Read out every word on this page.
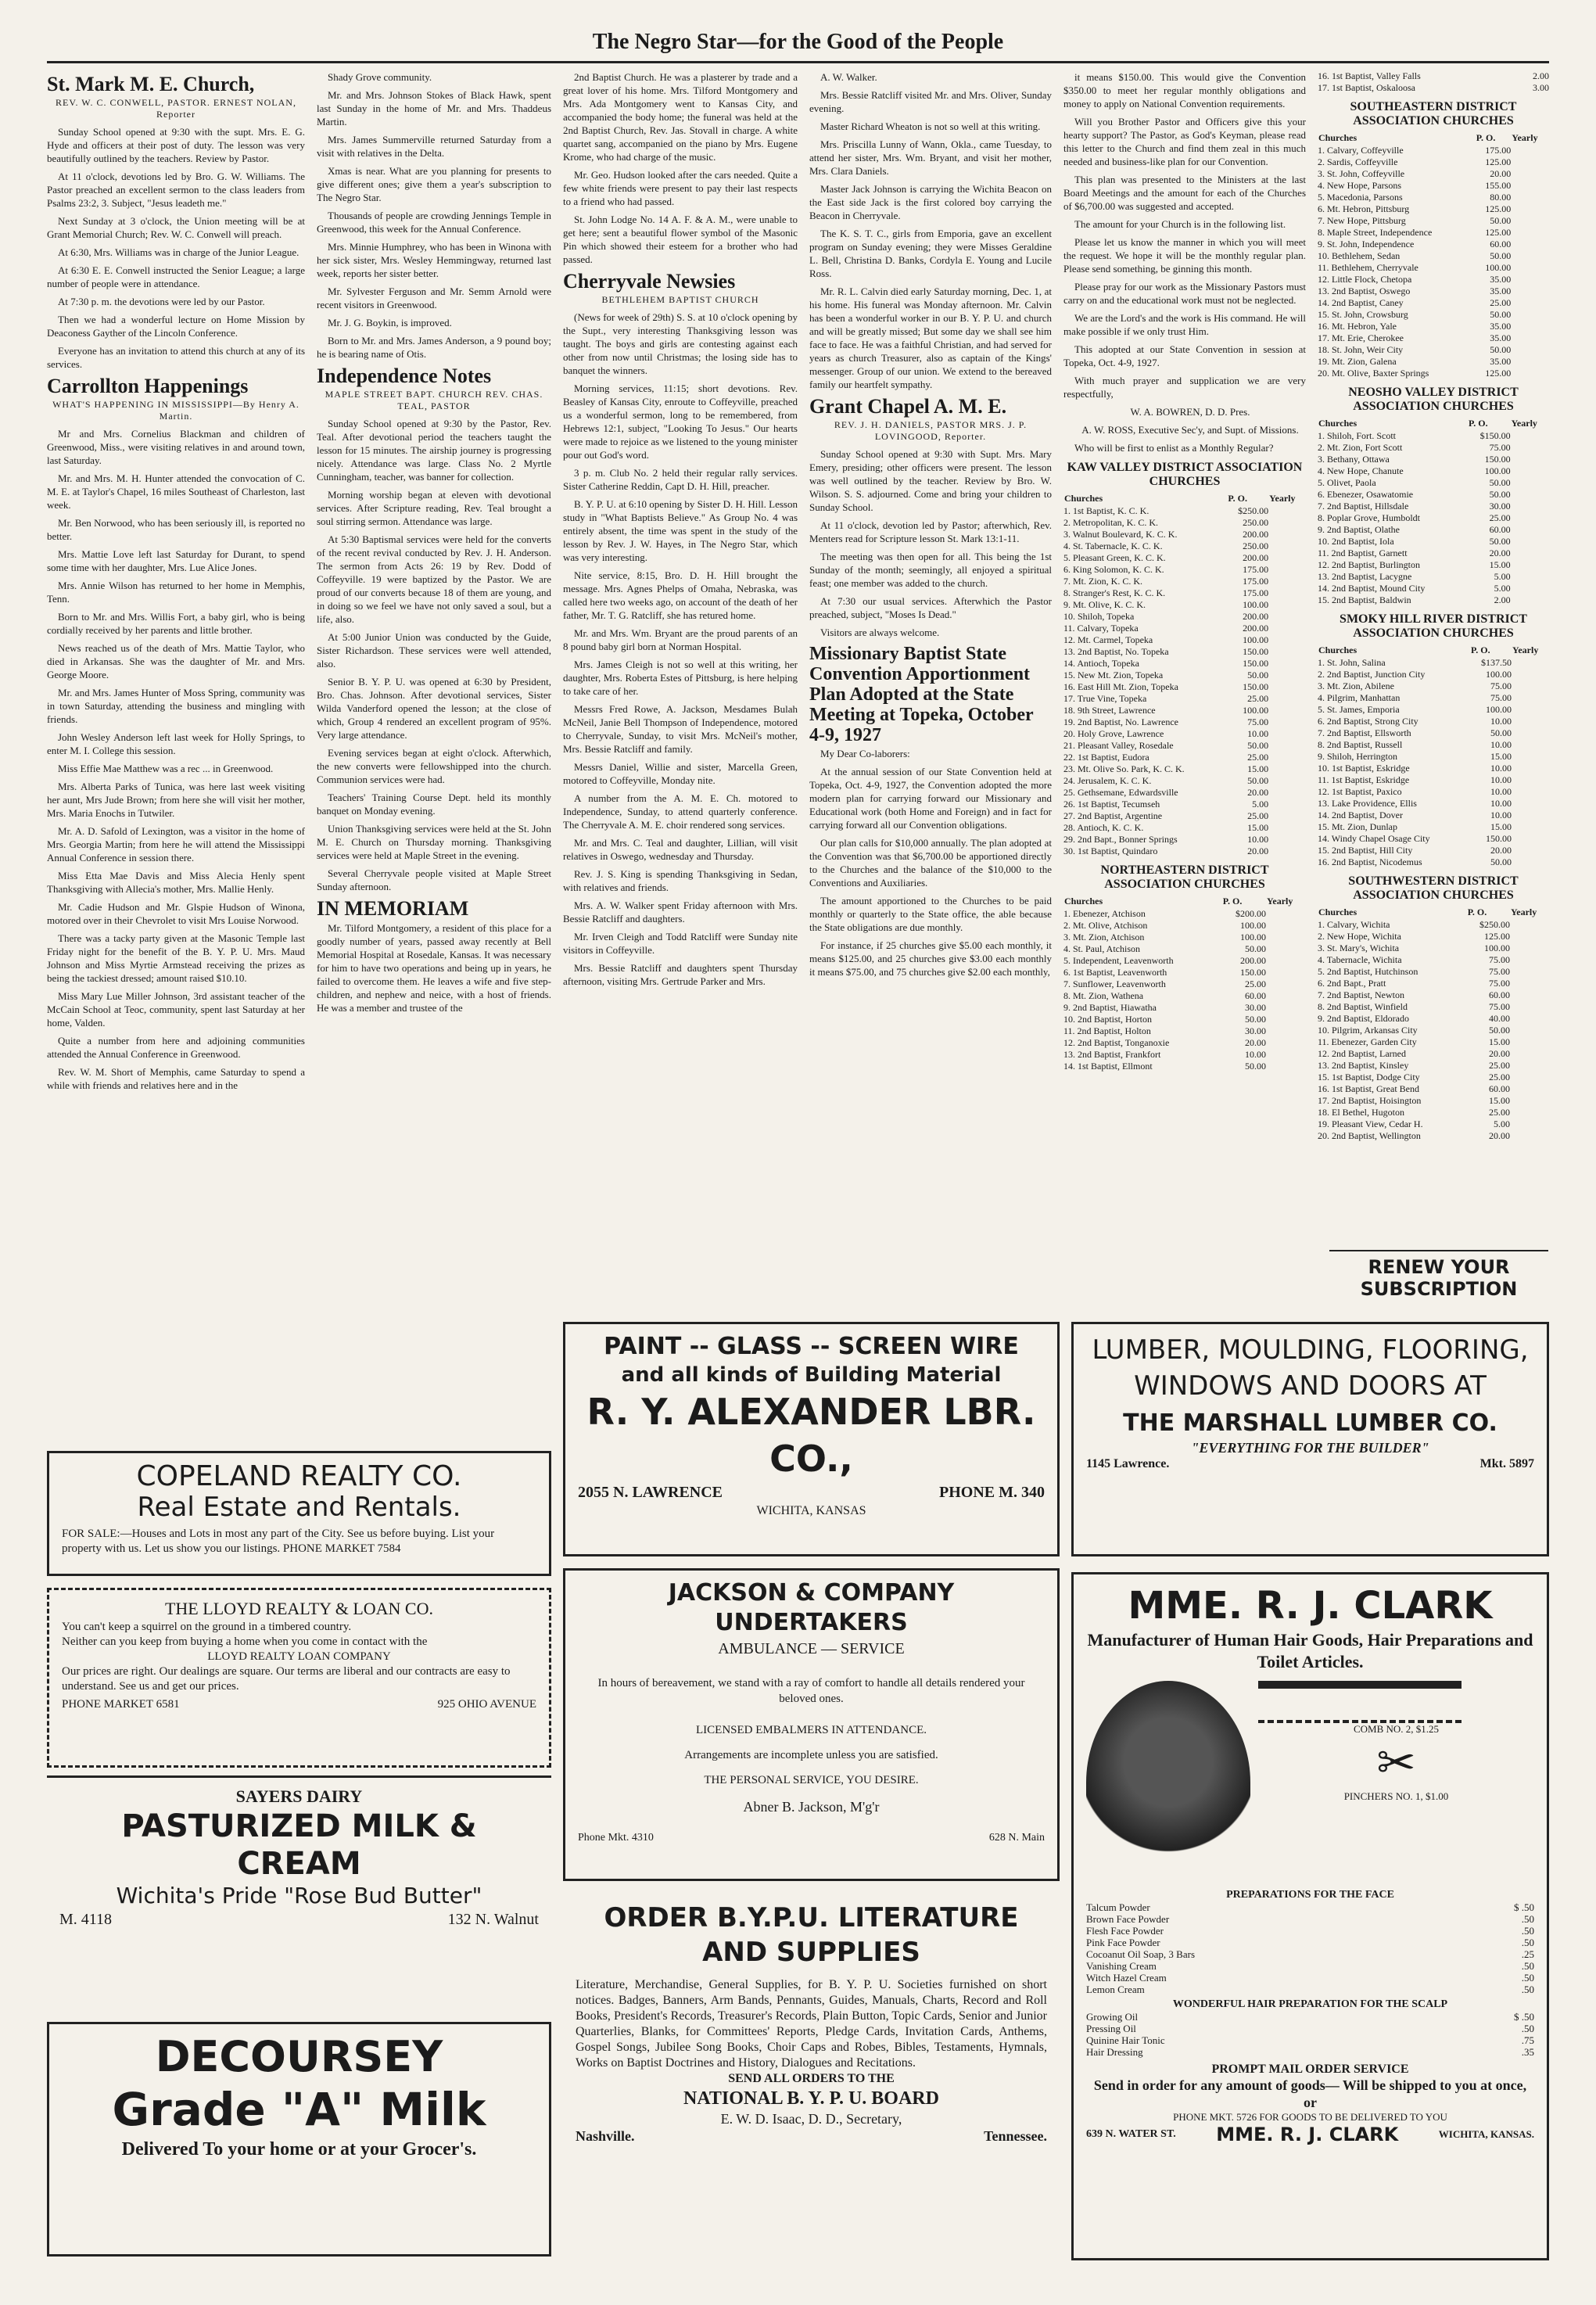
The Negro Star—for the Good of the People
St. Mark M. E. Church,
REV. W. C. CONWELL, PASTOR. ERNEST NOLAN, Reporter

Sunday School opened at 9:30 with the supt. Mrs. E. G. Hyde and officers at their post of duty. The lesson was very beautifully outlined by the teachers. Review by Pastor.

At 11 o'clock, devotions led by Bro. G. W. Williams. The Pastor preached an excellent sermon to the class leaders from Psalms 23:2, 3. Subject, "Jesus leadeth me."

Next Sunday at 3 o'clock, the Union meeting will be at Grant Memorial Church; Rev. W. C. Conwell will preach.

At 6:30, Mrs. Williams was in charge of the Junior League.

At 6:30 E. E. Conwell instructed the Senior League; a large number of people were in attendance.

At 7:30 p. m. the devotions were led by our Pastor.

Then we had a wonderful lecture on Home Mission by Deaconess Gayther of the Lincoln Conference.

Everyone has an invitation to attend this church at any of its services.

Carrollton Happenings
WHAT'S HAPPENING IN MISSISSIPPI—By Henry A. Martin.

Mr and Mrs. Cornelius Blackman and children of Greenwood, Miss., were visiting relatives in and around town, last Saturday.

Mr. and Mrs. M. H. Hunter attended the convocation of C. M. E. at Taylor's Chapel, 16 miles Southeast of Charleston, last week.

Mr. Ben Norwood, who has been seriously ill, is reported no better.

Mrs. Mattie Love left last Saturday for Durant, to spend some time with her daughter, Mrs. Lue Alice Jones.

Mrs. Annie Wilson has returned to her home in Memphis, Tenn.

Born to Mr. and Mrs. Willis Fort, a baby girl, who is being cordially received by her parents and little brother.

News reached us of the death of Mrs. Mattie Taylor, who died in Arkansas. She was the daughter of Mr. and Mrs. George Moore.

Mr. and Mrs. James Hunter of Moss Spring, community was in town Saturday, attending the business and mingling with friends.

John Wesley Anderson left last week for Holly Springs, to enter M. I. College this session.

Miss Effie Mae Matthew was a rec ... in Greenwood.

Mrs. Alberta Parks of Tunica, was here last week visiting her aunt, Mrs Jude Brown; from here she will visit her mother, Mrs. Maria Enochs in Tutwiler.

Mr. A. D. Safold of Lexington, was a visitor in the home of Mrs. Georgia Martin; from here he will attend the Mississippi Annual Conference in session there.

Miss Etta Mae Davis and Miss Alecia Henly spent Thanksgiving with Allecia's mother, Mrs. Mallie Henly.

Mr. Cadie Hudson and Mr. Glspie Hudson of Winona, motored over in their Chevrolet to visit Mrs Louise Norwood.

There was a tacky party given at the Masonic Temple last Friday night for the benefit of the B. Y. P. U. Mrs. Maud Johnson and Miss Myrtie Armstead receiving the prizes as being the tackiest dressed; amount raised $10.10.

Miss Mary Lue Miller Johnson, 3rd assistant teacher of the McCain School at Teoc, community, spent last Saturday at her home, Valden.

Quite a number from here and adjoining communities attended the Annual Conference in Greenwood.

Rev. W. M. Short of Memphis, came Saturday to spend a while with friends and relatives here and in the

Shady Grove community.

Mr. and Mrs. Johnson Stokes of Black Hawk, spent last Sunday in the home of Mr. and Mrs. Thaddeus Martin.

Mrs. James Summerville returned Saturday from a visit with relatives in the Delta.

Xmas is near. What are you planning for presents to give different ones; give them a year's subscription to The Negro Star.

Thousands of people are crowding Jennings Temple in Greenwood, this week for the Annual Conference.

Mrs. Minnie Humphrey, who has been in Winona with her sick sister, Mrs. Wesley Hemmingway, returned last week, reports her sister better.

Mr. Sylvester Ferguson and Mr. Semm Arnold were recent visitors in Greenwood.

Mr. J. G. Boykin, is improved.

Born to Mr. and Mrs. James Anderson, a 9 pound boy; he is bearing name of Otis.

Independence Notes
MAPLE STREET BAPT. CHURCH REV. CHAS. TEAL, PASTOR

Sunday School opened at 9:30 by the Pastor, Rev. Teal. After devotional period the teachers taught the lesson for 15 minutes. The airship journey is progressing nicely. Attendance was large. Class No. 2 Myrtle Cunningham, teacher, was banner for collection.

Morning worship began at eleven with devotional services. After Scripture reading, Rev. Teal brought a soul stirring sermon. Attendance was large.

At 5:30 Baptismal services were held for the converts of the recent revival conducted by Rev. J. H. Anderson. The sermon from Acts 26: 19 by Rev. Dodd of Coffeyville. 19 were baptized by the Pastor. We are proud of our converts because 18 of them are young, and in doing so we feel we have not only saved a soul, but a life, also.

At 5:00 Junior Union was conducted by the Guide, Sister Richardson. These services were well attended, also.

Senior B. Y. P. U. was opened at 6:30 by President, Bro. Chas. Johnson. After devotional services, Sister Wilda Vanderford opened the lesson; at the close of which, Group 4 rendered an excellent program of 95%. Very large attendance.

Evening services began at eight o'clock. Afterwhich, the new converts were fellowshipped into the church. Communion services were had.

Teachers' Training Course Dept. held its monthly banquet on Monday evening.

Union Thanksgiving services were held at the St. John M. E. Church on Thursday morning. Thanksgiving services were held at Maple Street in the evening.

Several Cherryvale people visited at Maple Street Sunday afternoon.

IN MEMORIAM

Mr. Tilford Montgomery, a resident of this place for a goodly number of years, passed away recently at Bell Memorial Hospital at Rosedale, Kansas. It was necessary for him to have two operations and being up in years, he failed to overcome them. He leaves a wife and five step-children, and nephew and neice, with a host of friends. He was a member and trustee of the

2nd Baptist Church. He was a plasterer by trade and a great lover of his home. Mrs. Tilford Montgomery and Mrs. Ada Montgomery went to Kansas City, and accompanied the body home; the funeral was held at the 2nd Baptist Church, Rev. Jas. Stovall in charge. A white quartet sang, accompanied on the piano by Mrs. Eugene Krome, who had charge of the music.

Mr. Geo. Hudson looked after the cars needed. Quite a few white friends were present to pay their last respects to a friend who had passed.

St. John Lodge No. 14 A. F. & A. M., were unable to get here; sent a beautiful flower symbol of the Masonic Pin which showed their esteem for a brother who had passed.

Cherryvale Newsies
BETHLEHEM BAPTIST CHURCH

(News for week of 29th) S. S. at 10 o'clock opening by the Supt., very interesting Thanksgiving lesson was taught. The boys and girls are contesting against each other from now until Christmas; the losing side has to banquet the winners.

Morning services, 11:15; short devotions. Rev. Beasley of Kansas City, enroute to Coffeyville, preached us a wonderful sermon, long to be remembered, from Hebrews 12:1, subject, "Looking To Jesus." Our hearts were made to rejoice as we listened to the young minister pour out God's word.

3 p. m. Club No. 2 held their regular rally services. Sister Catherine Reddin, Capt D. H. Hill, preacher.

B. Y. P. U. at 6:10 opening by Sister D. H. Hill. Lesson study in "What Baptists Believe." As Group No. 4 was entirely absent, the time was spent in the study of the lesson by Rev. J. W. Hayes, in The Negro Star, which was very interesting.

Nite service, 8:15, Bro. D. H. Hill brought the message. Mrs. Agnes Phelps of Omaha, Nebraska, was called here two weeks ago, on account of the death of her father, Mr. T. G. Ratcliff, she has retured home.

Mr. and Mrs. Wm. Bryant are the proud parents of an 8 pound baby girl born at Norman Hospital.

Mrs. James Cleigh is not so well at this writing, her daughter, Mrs. Roberta Estes of Pittsburg, is here helping to take care of her.

Messrs Fred Rowe, A. Jackson, Mesdames Bulah McNeil, Janie Bell Thompson of Independence, motored to Cherryvale, Sunday, to visit Mrs. McNeil's mother, Mrs. Bessie Ratcliff and family.

Messrs Daniel, Willie and sister, Marcella Green, motored to Coffeyville, Monday nite.

A number from the A. M. E. Ch. motored to Independence, Sunday, to attend quarterly conference. The Cherryvale A. M. E. choir rendered song services.

Mr. and Mrs. C. Teal and daughter, Lillian, will visit relatives in Oswego, wednesday and Thursday.

Rev. J. S. King is spending Thanksgiving in Sedan, with relatives and friends.

Mrs. A. W. Walker spent Friday afternoon with Mrs. Bessie Ratcliff and daughters.

Mr. Irven Cleigh and Todd Ratcliff were Sunday nite visitors in Coffeyville.

Mrs. Bessie Ratcliff and daughters spent Thursday afternoon, visiting Mrs. Gertrude Parker and Mrs.

A. W. Walker.

Mrs. Bessie Ratcliff visited Mr. and Mrs. Oliver, Sunday evening.

Master Richard Wheaton is not so well at this writing.

Mrs. Priscilla Lunny of Wann, Okla., came Tuesday, to attend her sister, Mrs. Wm. Bryant, and visit her mother, Mrs. Clara Daniels.

Master Jack Johnson is carrying the Wichita Beacon on the East side Jack is the first colored boy carrying the Beacon in Cherryvale.

The K. S. T. C., girls from Emporia, gave an excellent program on Sunday evening; they were Misses Geraldine L. Bell, Christina D. Banks, Cordyla E. Young and Lucile Ross.

Mr. R. L. Calvin died early Saturday morning, Dec. 1, at his home. His funeral was Monday afternoon. Mr. Calvin has been a wonderful worker in our B. Y. P. U. and church and will be greatly missed; But some day we shall see him face to face. He was a faithful Christian, and had served for years as church Treasurer, also as captain of the Kings' messenger. Group of our union. We extend to the bereaved family our heartfelt sympathy.

Grant Chapel A. M. E.
REV. J. H. DANIELS, PASTOR MRS. J. P. LOVINGOOD, Reporter.

Sunday School opened at 9:30 with Supt. Mrs. Mary Emery, presiding; other officers were present. The lesson was well outlined by the teacher. Review by Bro. W. Wilson. S. S. adjourned. Come and bring your children to Sunday School.

At 11 o'clock, devotion led by Pastor; afterwhich, Rev. Menters read for Scripture lesson St. Mark 13:1-11.

The meeting was then open for all. This being the 1st Sunday of the month; seemingly, all enjoyed a spiritual feast; one member was added to the church.

At 7:30 our usual services. Afterwhich the Pastor preached, subject, "Moses Is Dead."

Visitors are always welcome.

Missionary Baptist State Convention Apportionment Plan Adopted at the State Meeting at Topeka, October 4-9, 1927

My Dear Co-laborers:

At the annual session of our State Convention held at Topeka, Oct. 4-9, 1927, the Convention adopted the more modern plan for carrying forward our Missionary and Educational work (both Home and Foreign) and in fact for carrying forward all our Convention obligations.

Our plan calls for $10,000 annually. The plan adopted at the Convention was that $6,700.00 be apportioned directly to the Churches and the balance of the $10,000 to the Conventions and Auxiliaries.

The amount apportioned to the Churches to be paid monthly or quarterly to the State office, the able because the State obligations are due monthly.

For instance, if 25 churches give $5.00 each monthly, it means $125.00, and 25 churches give $3.00 each monthly it means $75.00, and 75 churches give $2.00 each monthly,

it means $150.00. This would give the Convention $350.00 to meet her regular monthly obligations and money to apply on National Convention requirements.

Will you Brother Pastor and Officers give this your hearty support? The Pastor, as God's Keyman, please read this letter to the Church and find them zeal in this much needed and business-like plan for our Convention.

This plan was presented to the Ministers at the last Board Meetings and the amount for each of the Churches of $6,700.00 was suggested and accepted.

The amount for your Church is in the following list.

Please let us know the manner in which you will meet the request. We hope it will be the monthly regular plan. Please send something, be ginning this month.

Please pray for our work as the Missionary Pastors must carry on and the educational work must not be neglected.

We are the Lord's and the work is His command. He will make possible if we only trust Him.

This adopted at our State Convention in session at Topeka, Oct. 4-9, 1927.

With much prayer and supplication we are very respectfully,

W. A. BOWREN, D. D. Pres.

A. W. ROSS, Executive Sec'y, and Supt. of Missions.

Who will be first to enlist as a Monthly Regular?

KAW VALLEY DISTRICT ASSOCIATION CHURCHES
Churches	P. O.	Yearly
1. 1st Baptist, K. C. K.	$250.00	
2. Metropolitan, K. C. K.	250.00	
3. Walnut Boulevard, K. C. K.	200.00	
4. St. Tabernacle, K. C. K.	250.00	
5. Pleasant Green, K. C. K.	200.00	
6. King Solomon, K. C. K.	175.00	
7. Mt. Zion, K. C. K.	175.00	
8. Stranger's Rest, K. C. K.	175.00	
9. Mt. Olive, K. C. K.	100.00	
10. Shiloh, Topeka	200.00	
11. Calvary, Topeka	200.00	
12. Mt. Carmel, Topeka	100.00	
13. 2nd Baptist, No. Topeka	150.00	
14. Antioch, Topeka	150.00	
15. New Mt. Zion, Topeka	50.00	
16. East Hill Mt. Zion, Topeka	150.00	
17. True Vine, Topeka	25.00	
18. 9th Street, Lawrence	100.00	
19. 2nd Baptist, No. Lawrence	75.00	
20. Holy Grove, Lawrence	10.00	
21. Pleasant Valley, Rosedale	50.00	
22. 1st Baptist, Eudora	25.00	
23. Mt. Olive So. Park, K. C. K.	15.00	
24. Jerusalem, K. C. K.	50.00	
25. Gethsemane, Edwardsville	20.00	
26. 1st Baptist, Tecumseh	5.00	
27. 2nd Baptist, Argentine	25.00	
28. Antioch, K. C. K.	15.00	
29. 2nd Bapt., Bonner Springs	10.00	
30. 1st Baptist, Quindaro	20.00	
NORTHEASTERN DISTRICT ASSOCIATION CHURCHES
Churches	P. O.	Yearly
1. Ebenezer, Atchison	$200.00	
2. Mt. Olive, Atchison	100.00	
3. Mt. Zion, Atchison	100.00	
4. St. Paul, Atchison	50.00	
5. Independent, Leavenworth	200.00	
6. 1st Baptist, Leavenworth	150.00	
7. Sunflower, Leavenworth	25.00	
8. Mt. Zion, Wathena	60.00	
9. 2nd Baptist, Hiawatha	30.00	
10. 2nd Baptist, Horton	50.00	
11. 2nd Baptist, Holton	30.00	
12. 2nd Baptist, Tonganoxie	20.00	
13. 2nd Baptist, Frankfort	10.00	
14. 1st Baptist, Ellmont	50.00	
16. 1st Baptist, Valley Falls	2.00
17. 1st Baptist, Oskaloosa	3.00
SOUTHEASTERN DISTRICT ASSOCIATION CHURCHES
Churches	P. O.	Yearly
1. Calvary, Coffeyville	175.00	
2. Sardis, Coffeyville	125.00	
3. St. John, Coffeyville	20.00	
4. New Hope, Parsons	155.00	
5. Macedonia, Parsons	80.00	
6. Mt. Hebron, Pittsburg	125.00	
7. New Hope, Pittsburg	50.00	
8. Maple Street, Independence	125.00	
9. St. John, Independence	60.00	
10. Bethlehem, Sedan	50.00	
11. Bethlehem, Cherryvale	100.00	
12. Little Flock, Chetopa	35.00	
13. 2nd Baptist, Oswego	35.00	
14. 2nd Baptist, Caney	25.00	
15. St. John, Crowsburg	50.00	
16. Mt. Hebron, Yale	35.00	
17. Mt. Erie, Cherokee	35.00	
18. St. John, Weir City	50.00	
19. Mt. Zion, Galena	35.00	
20. Mt. Olive, Baxter Springs	125.00	
NEOSHO VALLEY DISTRICT ASSOCIATION CHURCHES
Churches	P. O.	Yearly
1. Shiloh, Fort. Scott	$150.00	
2. Mt. Zion, Fort Scott	75.00	
3. Bethany, Ottawa	150.00	
4. New Hope, Chanute	100.00	
5. Olivet, Paola	50.00	
6. Ebenezer, Osawatomie	50.00	
7. 2nd Baptist, Hillsdale	30.00	
8. Poplar Grove, Humboldt	25.00	
9. 2nd Baptist, Olathe	60.00	
10. 2nd Baptist, Iola	50.00	
11. 2nd Baptist, Garnett	20.00	
12. 2nd Baptist, Burlington	15.00	
13. 2nd Baptist, Lacygne	5.00	
14. 2nd Baptist, Mound City	5.00	
15. 2nd Baptist, Baldwin	2.00	
SMOKY HILL RIVER DISTRICT ASSOCIATION CHURCHES
Churches	P. O.	Yearly
1. St. John, Salina	$137.50	
2. 2nd Baptist, Junction City	100.00	
3. Mt. Zion, Abilene	75.00	
4. Pilgrim, Manhattan	75.00	
5. St. James, Emporia	100.00	
6. 2nd Baptist, Strong City	10.00	
7. 2nd Baptist, Ellsworth	50.00	
8. 2nd Baptist, Russell	10.00	
9. Shiloh, Herrington	15.00	
10. 1st Baptist, Eskridge	10.00	
11. 1st Baptist, Eskridge	10.00	
12. 1st Baptist, Paxico	10.00	
13. Lake Providence, Ellis	10.00	
14. 2nd Baptist, Dover	10.00	
15. Mt. Zion, Dunlap	15.00	
14. Windy Chapel Osage City	150.00	
15. 2nd Baptist, Hill City	20.00	
16. 2nd Baptist, Nicodemus	50.00	
SOUTHWESTERN DISTRICT ASSOCIATION CHURCHES
Churches	P. O.	Yearly
1. Calvary, Wichita	$250.00	
2. New Hope, Wichita	125.00	
3. St. Mary's, Wichita	100.00	
4. Tabernacle, Wichita	75.00	
5. 2nd Baptist, Hutchinson	75.00	
6. 2nd Bapt., Pratt	75.00	
7. 2nd Baptist, Newton	60.00	
8. 2nd Baptist, Winfield	75.00	
9. 2nd Baptist, Eldorado	40.00	
10. Pilgrim, Arkansas City	50.00	
11. Ebenezer, Garden City	15.00	
12. 2nd Baptist, Larned	20.00	
13. 2nd Baptist, Kinsley	25.00	
15. 1st Baptist, Dodge City	25.00	
16. 1st Baptist, Great Bend	60.00	
17. 2nd Baptist, Hoisington	15.00	
18. El Bethel, Hugoton	25.00	
19. Pleasant View, Cedar H.	5.00	
20. 2nd Baptist, Wellington	20.00	
RENEW YOUR SUBSCRIPTION
COPELAND REALTY CO.
Real Estate and Rentals.
FOR SALE:—Houses and Lots in most any part of the City. See us before buying. List your property with us. Let us show you our listings. PHONE MARKET 7584
THE LLOYD REALTY & LOAN CO.
You can't keep a squirrel on the ground in a timbered country.
Neither can you keep from buying a home when you come in contact with the
LLOYD REALTY LOAN COMPANY
Our prices are right. Our dealings are square. Our terms are liberal and our contracts are easy to understand. See us and get our prices.
PHONE MARKET 6581	925 OHIO AVENUE
SAYERS DAIRY
PASTURIZED MILK & CREAM
Wichita's Pride "Rose Bud Butter"
M. 4118	132 N. Walnut
DECOURSEY
Grade "A" Milk
Delivered To your home or at your Grocer's.
PAINT -- GLASS -- SCREEN WIRE
and all kinds of Building Material
R. Y. ALEXANDER LBR. CO.,
2055 N. LAWRENCE	PHONE M. 340
WICHITA, KANSAS
JACKSON & COMPANY UNDERTAKERS
AMBULANCE — SERVICE
In hours of bereavement, we stand with a ray of comfort to handle all details rendered your beloved ones.
LICENSED EMBALMERS IN ATTENDANCE.
Arrangements are incomplete unless you are satisfied.
THE PERSONAL SERVICE, YOU DESIRE.
Abner B. Jackson, M'g'r
Phone Mkt. 4310	628 N. Main
ORDER B.Y.P.U. LITERATURE AND SUPPLIES
Literature, Merchandise, General Supplies, for B. Y. P. U. Societies furnished on short notices. Badges, Banners, Arm Bands, Pennants, Guides, Manuals, Charts, Record and Roll Books, President's Records, Treasurer's Records, Plain Button, Topic Cards, Senior and Junior Quarterlies, Blanks, for Committees' Reports, Pledge Cards, Invitation Cards, Anthems, Gospel Songs, Jubilee Song Books, Choir Caps and Robes, Bibles, Testaments, Hymnals, Works on Baptist Doctrines and History, Dialogues and Recitations.
SEND ALL ORDERS TO THE
NATIONAL B. Y. P. U. BOARD
E. W. D. Isaac, D. D., Secretary,
Nashville.	Tennessee.
LUMBER, MOULDING, FLOORING, WINDOWS AND DOORS AT
THE MARSHALL LUMBER CO.
"EVERYTHING FOR THE BUILDER"
1145 Lawrence.	Mkt. 5897
MME. R. J. CLARK
Manufacturer of Human Hair Goods, Hair Preparations and Toilet Articles.
COMB NO. 2, $1.25
✂
PINCHERS NO. 1, $1.00
PREPARATIONS FOR THE FACE
Talcum Powder	$ .50
Brown Face Powder	.50
Flesh Face Powder	.50
Pink Face Powder	.50
Cocoanut Oil Soap, 3 Bars	.25
Vanishing Cream	.50
Witch Hazel Cream	.50
Lemon Cream	.50
WONDERFUL HAIR PREPARATION FOR THE SCALP
Growing Oil	$ .50
Pressing Oil	.50
Quinine Hair Tonic	.75
Hair Dressing	.35
PROMPT MAIL ORDER SERVICE
Send in order for any amount of goods— Will be shipped to you at once, or
PHONE MKT. 5726 FOR GOODS TO BE DELIVERED TO YOU
639 N. WATER ST. MME. R. J. CLARK	WICHITA, KANSAS.
